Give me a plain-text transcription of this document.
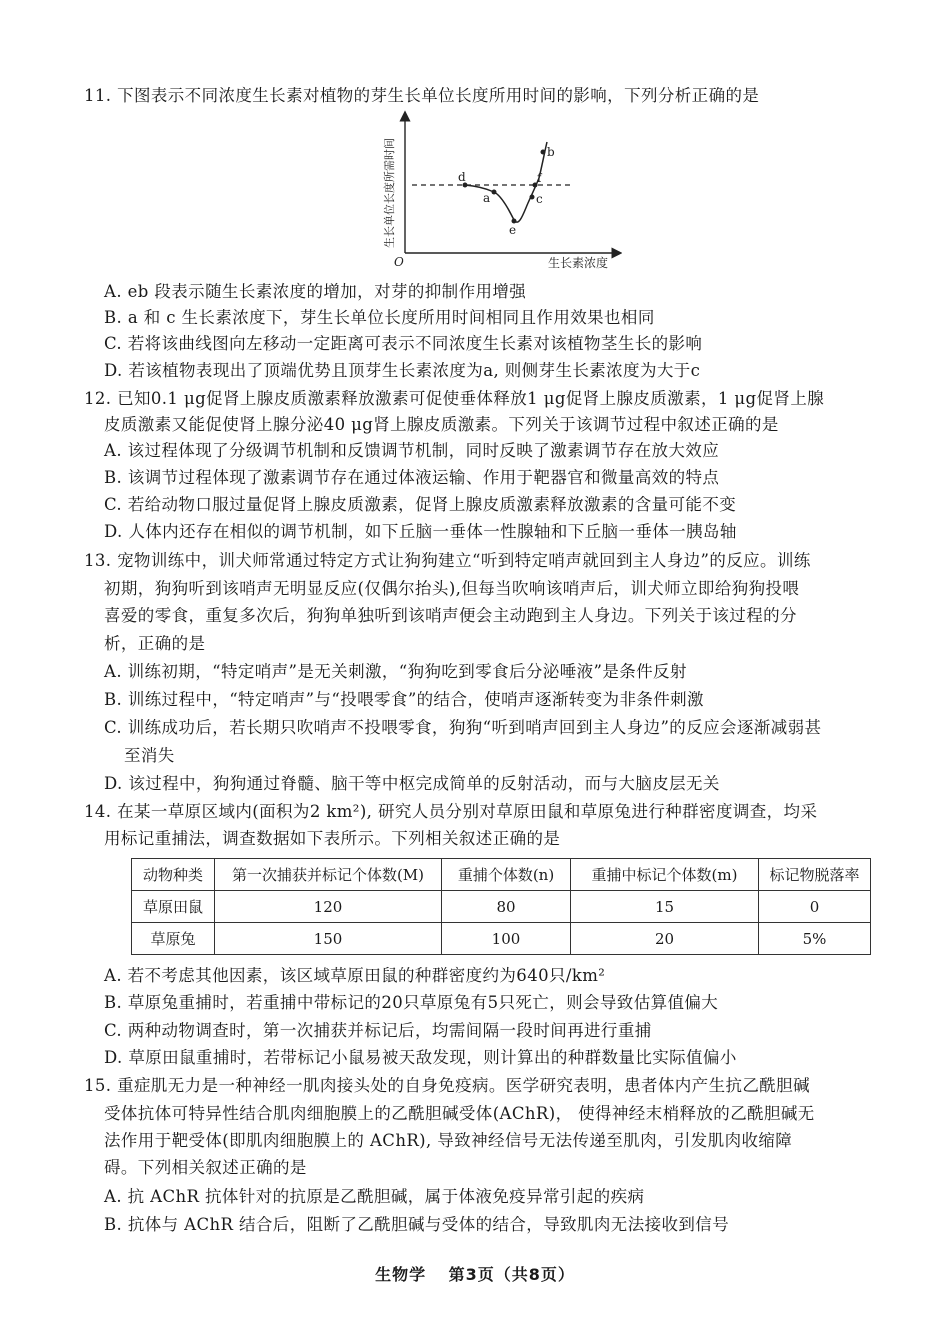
11. 下图表示不同浓度生长素对植物的芽生长单位长度所用时间的影响，下列分析正确的是
d
a
e
c
f
b
O	生长素浓度
生长单位长度所需时间
A. eb 段表示随生长素浓度的增加，对芽的抑制作用增强
B. a 和 c 生长素浓度下，芽生长单位长度所用时间相同且作用效果也相同
C. 若将该曲线图向左移动一定距离可表示不同浓度生长素对该植物茎生长的影响
D. 若该植物表现出了顶端优势且顶芽生长素浓度为a, 则侧芽生长素浓度为大于c
12. 已知0.1 μg促肾上腺皮质激素释放激素可促使垂体释放1 μg促肾上腺皮质激素，1 μg促肾上腺
皮质激素又能促使肾上腺分泌40 μg肾上腺皮质激素。下列关于该调节过程中叙述正确的是
A. 该过程体现了分级调节机制和反馈调节机制，同时反映了激素调节存在放大效应
B. 该调节过程体现了激素调节存在通过体液运输、作用于靶器官和微量高效的特点
C. 若给动物口服过量促肾上腺皮质激素，促肾上腺皮质激素释放激素的含量可能不变
D. 人体内还存在相似的调节机制，如下丘脑一垂体一性腺轴和下丘脑一垂体一胰岛轴
13. 宠物训练中，训犬师常通过特定方式让狗狗建立“听到特定哨声就回到主人身边”的反应。训练
初期，狗狗听到该哨声无明显反应(仅偶尔抬头),但每当吹响该哨声后，训犬师立即给狗狗投喂
喜爱的零食，重复多次后，狗狗单独听到该哨声便会主动跑到主人身边。下列关于该过程的分
析，正确的是
A. 训练初期，“特定哨声”是无关刺激，“狗狗吃到零食后分泌唾液”是条件反射
B. 训练过程中，“特定哨声”与“投喂零食”的结合，使哨声逐渐转变为非条件刺激
C. 训练成功后，若长期只吹哨声不投喂零食，狗狗“听到哨声回到主人身边”的反应会逐渐减弱甚
至消失
D. 该过程中，狗狗通过脊髓、脑干等中枢完成简单的反射活动，而与大脑皮层无关
14. 在某一草原区域内(面积为2 km²), 研究人员分别对草原田鼠和草原兔进行种群密度调查，均采
用标记重捕法，调查数据如下表所示。下列相关叙述正确的是
动物种类	第一次捕获并标记个体数(M)	重捕个体数(n)	重捕中标记个体数(m)	标记物脱落率
草原田鼠	120	80	15	0
草原兔	150	100	20	5%
A. 若不考虑其他因素，该区域草原田鼠的种群密度约为640只/km²
B. 草原兔重捕时，若重捕中带标记的20只草原兔有5只死亡，则会导致估算值偏大
C. 两种动物调查时，第一次捕获并标记后，均需间隔一段时间再进行重捕
D. 草原田鼠重捕时，若带标记小鼠易被天敌发现，则计算出的种群数量比实际值偏小
15. 重症肌无力是一种神经一肌肉接头处的自身免疫病。医学研究表明，患者体内产生抗乙酰胆碱
受体抗体可特异性结合肌肉细胞膜上的乙酰胆碱受体(AChR)， 使得神经末梢释放的乙酰胆碱无
法作用于靶受体(即肌肉细胞膜上的 AChR), 导致神经信号无法传递至肌肉，引发肌肉收缩障
碍。下列相关叙述正确的是
A. 抗 AChR 抗体针对的抗原是乙酰胆碱，属于体液免疫异常引起的疾病
B. 抗体与 AChR 结合后，阻断了乙酰胆碱与受体的结合，导致肌肉无法接收到信号
生物学 第3页（共8页）
